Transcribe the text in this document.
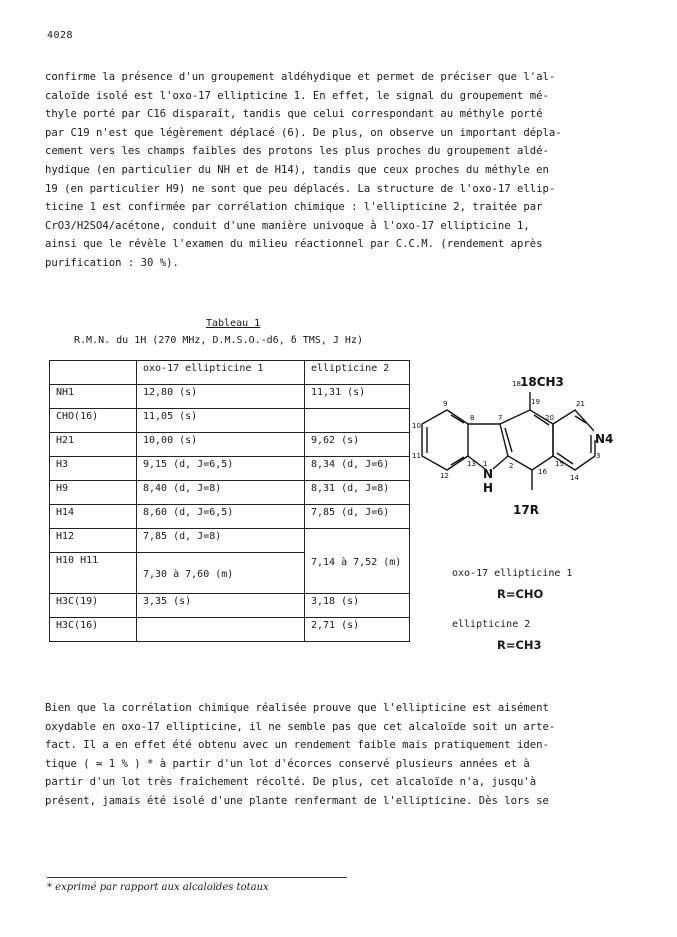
4028
confirme la présence d'un groupement aldéhydique et permet de préciser que l'al-
caloïde isolé est l'oxo-17 ellipticine 1. En effet, le signal du groupement mé-
thyle porté par C16 disparaît, tandis que celui correspondant au méthyle porté
par C19 n'est que légèrement déplacé (6). De plus, on observe un important dépla-
cement vers les champs faibles des protons les plus proches du groupement aldé-
hydique (en particulier du NH et de H14), tandis que ceux proches du méthyle en
19 (en particulier H9) ne sont que peu déplacés. La structure de l'oxo-17 ellip-
ticine 1 est confirmée par corrélation chimique : l'ellipticine 2, traitée par
CrO3/H2SO4/acétone, conduit d'une manière univoque à l'oxo-17 ellipticine 1,
ainsi que le révèle l'examen du milieu réactionnel par C.C.M. (rendement après
purification : 30 %).
Tableau 1
R.M.N. du 1H (270 MHz, D.M.S.O.-d6, δ TMS, J Hz)
	oxo-17 ellipticine 1	ellipticine 2
NH1	12,80 (s)	11,31 (s)
CHO(16)	11,05 (s)	
H21	10,00 (s)	9,62 (s)
H3	9,15 (d, J=6,5)	8,34 (d, J=6)
H9	8,40 (d, J=8)	8,31 (d, J=8)
H14	8,60 (d, J=6,5)	7,85 (d, J=6)
H12	7,85 (d, J=8)	7,14 à 7,52 (m)
H10 H11	7,30 à 7,60 (m)	
H3C(19)	3,35 (s)	3,18 (s)
H3C(16)		2,71 (s)
18 18CH3
N4
N
H
17R
1
19
20
21
7
8
9
10
11
12
13	2
3
14
15
16
oxo-17 ellipticine 1
R=CHO
ellipticine 2
R=CH3
Bien que la corrélation chimique réalisée prouve que l'ellipticine est aisément
oxydable en oxo-17 ellipticine, il ne semble pas que cet alcaloïde soit un arte-
fact. Il a en effet été obtenu avec un rendement faible mais pratiquement iden-
tique ( ≃ 1 % ) * à partir d'un lot d'écorces conservé plusieurs années et à
partir d'un lot très fraîchement récolté. De plus, cet alcaloïde n'a, jusqu'à
présent, jamais été isolé d'une plante renfermant de l'ellipticine. Dès lors se
* exprimé par rapport aux alcaloïdes totaux
